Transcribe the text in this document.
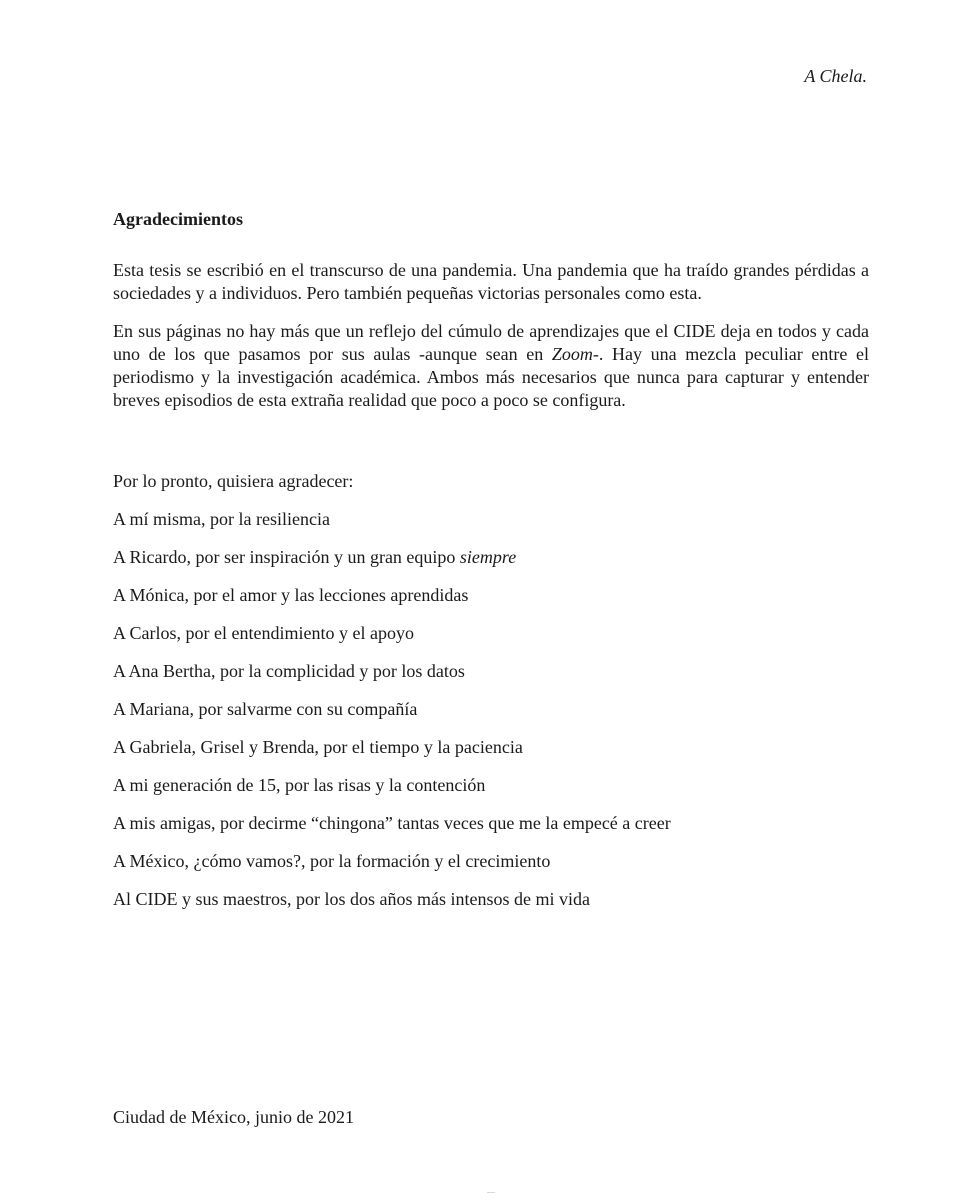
A Chela.
Agradecimientos

Esta tesis se escribió en el transcurso de una pandemia. Una pandemia que ha traído grandes pérdidas a sociedades y a individuos. Pero también pequeñas victorias personales como esta.

En sus páginas no hay más que un reflejo del cúmulo de aprendizajes que el CIDE deja en todos y cada uno de los que pasamos por sus aulas -aunque sean en Zoom-. Hay una mezcla peculiar entre el periodismo y la investigación académica. Ambos más necesarios que nunca para capturar y entender breves episodios de esta extraña realidad que poco a poco se configura.

Por lo pronto, quisiera agradecer:

A mí misma, por la resiliencia
A Ricardo, por ser inspiración y un gran equipo siempre
A Mónica, por el amor y las lecciones aprendidas
A Carlos, por el entendimiento y el apoyo
A Ana Bertha, por la complicidad y por los datos
A Mariana, por salvarme con su compañía
A Gabriela, Grisel y Brenda, por el tiempo y la paciencia
A mi generación de 15, por las risas y la contención
A mis amigas, por decirme “chingona” tantas veces que me la empecé a creer
A México, ¿cómo vamos?, por la formación y el crecimiento
Al CIDE y sus maestros, por los dos años más intensos de mi vida

Ciudad de México, junio de 2021
